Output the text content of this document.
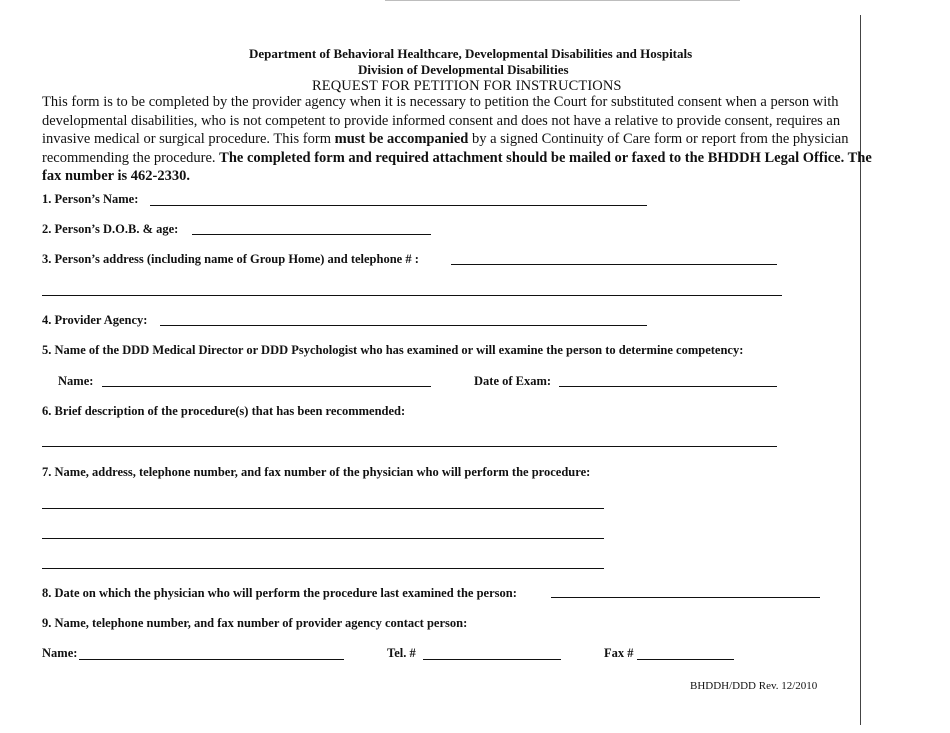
Department of Behavioral Healthcare, Developmental Disabilities and Hospitals
Division of Developmental Disabilities
REQUEST FOR PETITION FOR INSTRUCTIONS
This form is to be completed by the provider agency when it is necessary to petition the Court for substituted consent when a person with developmental disabilities, who is not competent to provide informed consent and does not have a relative to provide consent, requires an invasive medical or surgical procedure. This form must be accompanied by a signed Continuity of Care form or report from the physician recommending the procedure. The completed form and required attachment should be mailed or faxed to the BHDDH Legal Office. The fax number is 462-2330.
1. Person’s Name:
2. Person’s D.O.B. & age:
3. Person’s address (including name of Group Home) and telephone # :
4. Provider Agency:
5. Name of the DDD Medical Director or DDD Psychologist who has examined or will examine the person to determine competency:
Name:	Date of Exam:
6. Brief description of the procedure(s) that has been recommended:
7. Name, address, telephone number, and fax number of the physician who will perform the procedure:
8. Date on which the physician who will perform the procedure last examined the person:
9. Name, telephone number, and fax number of provider agency contact person:
Name:	Tel. #	Fax #
BHDDH/DDD Rev. 12/2010
